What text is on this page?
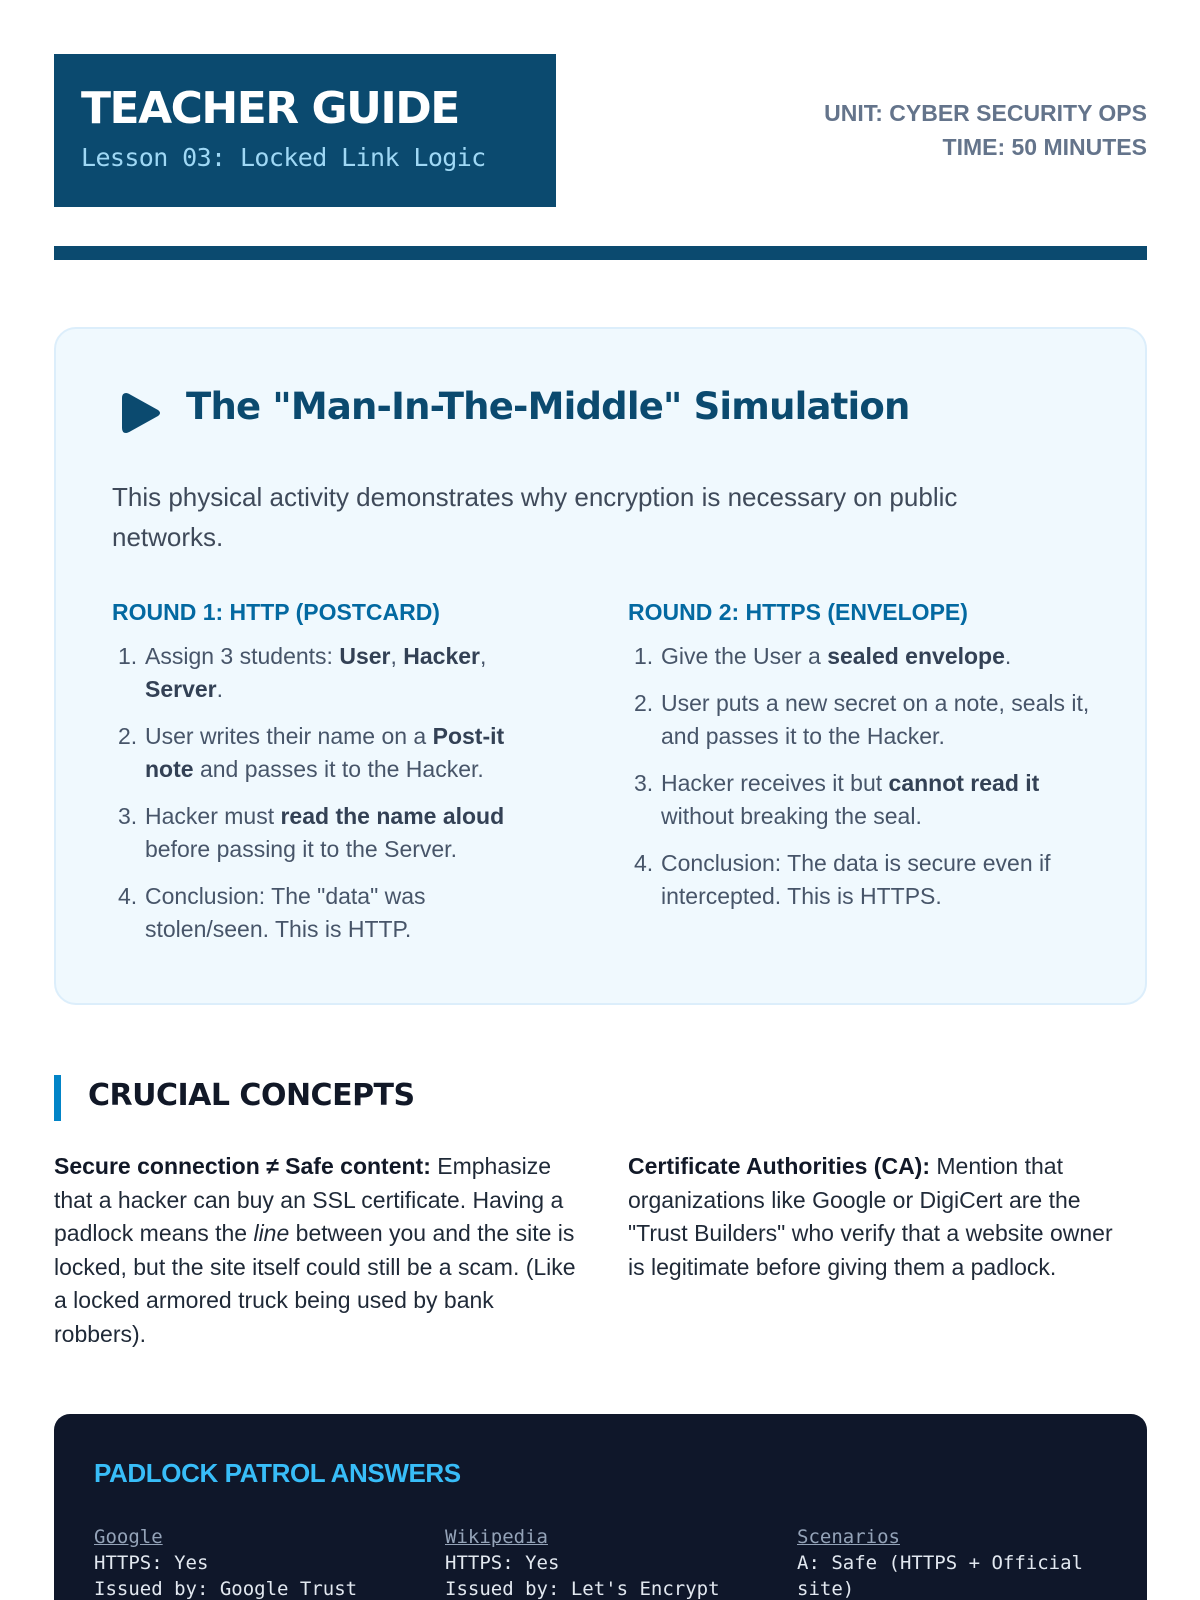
TEACHER GUIDE
Lesson 03: Locked Link Logic
UNIT: CYBER SECURITY OPS
TIME: 50 MINUTES
The "Man-In-The-Middle" Simulation
This physical activity demonstrates why encryption is necessary on public networks.
ROUND 1: HTTP (POSTCARD)
Assign 3 students: User, Hacker, Server.
User writes their name on a Post-it note and passes it to the Hacker.
Hacker must read the name aloud before passing it to the Server.
Conclusion: The "data" was stolen/seen. This is HTTP.
ROUND 2: HTTPS (ENVELOPE)
Give the User a sealed envelope.
User puts a new secret on a note, seals it, and passes it to the Hacker.
Hacker receives it but cannot read it without breaking the seal.
Conclusion: The data is secure even if intercepted. This is HTTPS.
CRUCIAL CONCEPTS
Secure connection ≠ Safe content: Emphasize that a hacker can buy an SSL certificate. Having a padlock means the line between you and the site is locked, but the site itself could still be a scam. (Like a locked armored truck being used by bank robbers).
Certificate Authorities (CA): Mention that organizations like Google or DigiCert are the "Trust Builders" who verify that a website owner is legitimate before giving them a padlock.
PADLOCK PATROL ANSWERS
Google
HTTPS: Yes
Issued by: Google Trust
Wikipedia
HTTPS: Yes
Issued by: Let's Encrypt
Scenarios
A: Safe (HTTPS + Official site)
